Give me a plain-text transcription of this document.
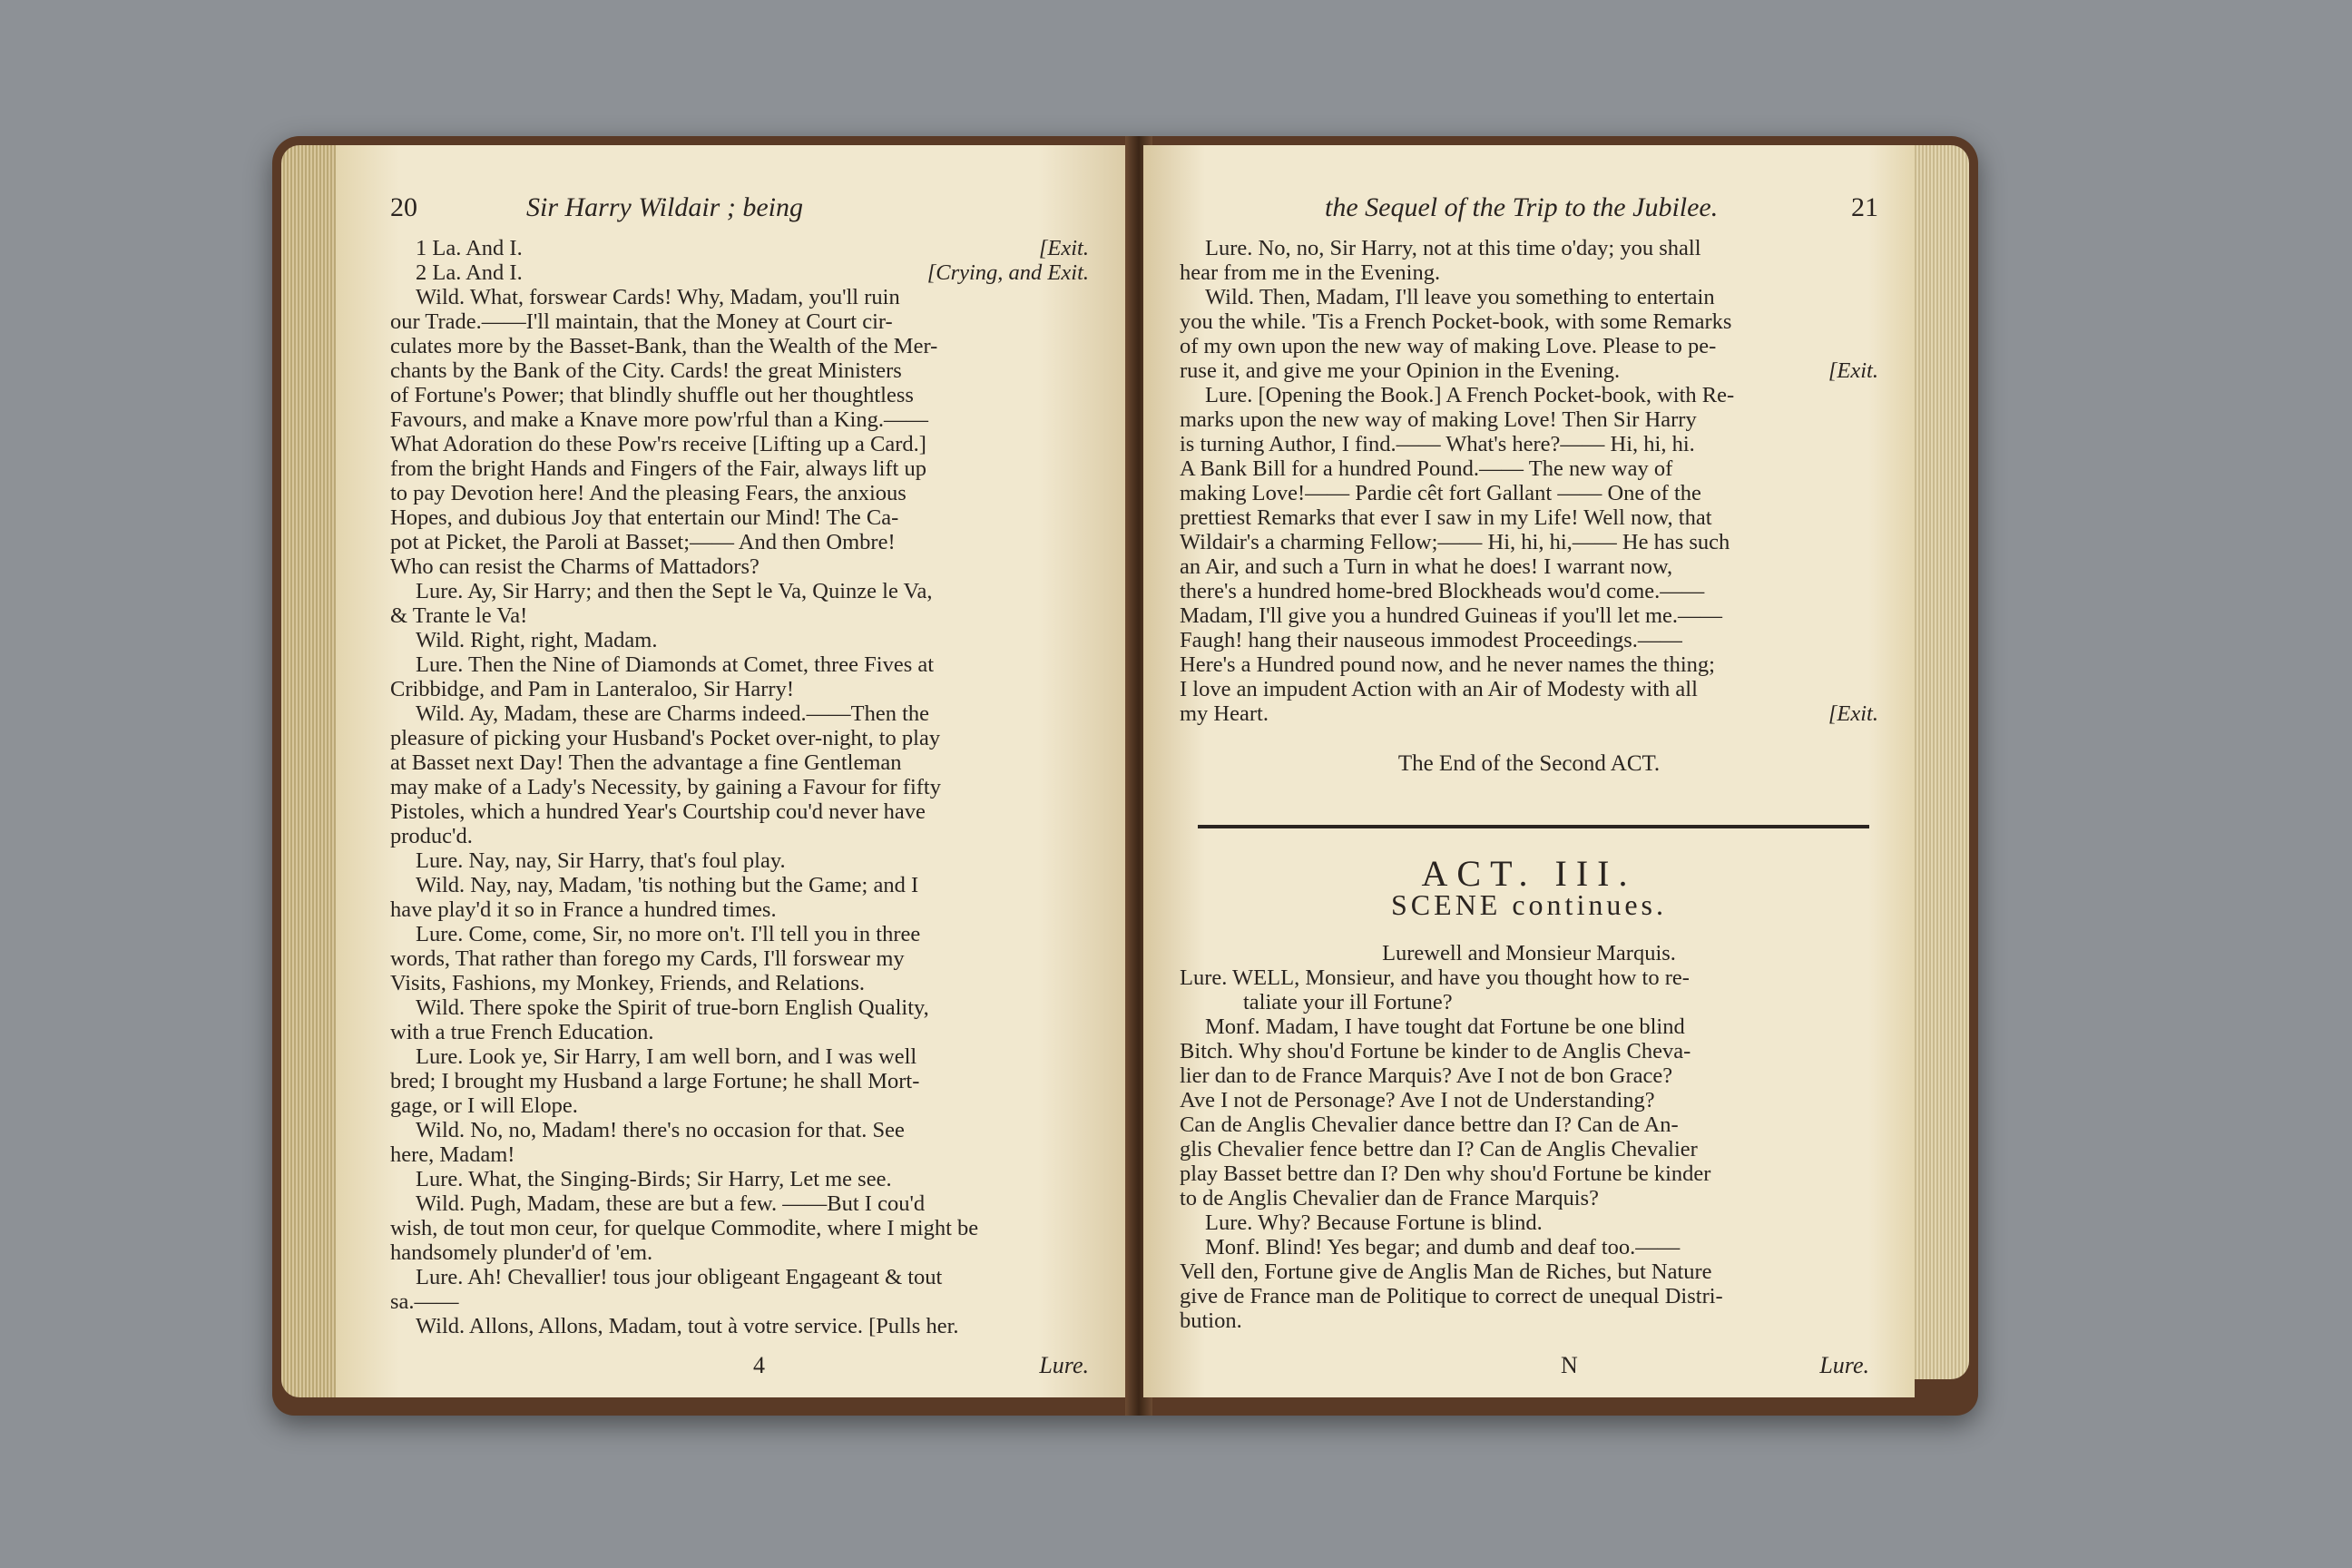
20	Sir Harry Wildair ; being
[Exit.
1 La. And I.
[Crying, and Exit.
2 La. And I.
Wild. What, forswear Cards! Why, Madam, you'll ruin
our Trade.——I'll maintain, that the Money at Court cir-
culates more by the Basset-Bank, than the Wealth of the Mer-
chants by the Bank of the City. Cards! the great Ministers
of Fortune's Power; that blindly shuffle out her thoughtless
Favours, and make a Knave more pow'rful than a King.——
What Adoration do these Pow'rs receive [Lifting up a Card.]
from the bright Hands and Fingers of the Fair, always lift up
to pay Devotion here! And the pleasing Fears, the anxious
Hopes, and dubious Joy that entertain our Mind! The Ca-
pot at Picket, the Paroli at Basset;—— And then Ombre!
Who can resist the Charms of Mattadors?
Lure. Ay, Sir Harry; and then the Sept le Va, Quinze le Va,
& Trante le Va!
Wild. Right, right, Madam.
Lure. Then the Nine of Diamonds at Comet, three Fives at
Cribbidge, and Pam in Lanteraloo, Sir Harry!
Wild. Ay, Madam, these are Charms indeed.——Then the
pleasure of picking your Husband's Pocket over-night, to play
at Basset next Day! Then the advantage a fine Gentleman
may make of a Lady's Necessity, by gaining a Favour for fifty
Pistoles, which a hundred Year's Courtship cou'd never have
produc'd.
Lure. Nay, nay, Sir Harry, that's foul play.
Wild. Nay, nay, Madam, 'tis nothing but the Game; and I
have play'd it so in France a hundred times.
Lure. Come, come, Sir, no more on't. I'll tell you in three
words, That rather than forego my Cards, I'll forswear my
Visits, Fashions, my Monkey, Friends, and Relations.
Wild. There spoke the Spirit of true-born English Quality,
with a true French Education.
Lure. Look ye, Sir Harry, I am well born, and I was well
bred; I brought my Husband a large Fortune; he shall Mort-
gage, or I will Elope.
Wild. No, no, Madam! there's no occasion for that. See
here, Madam!
Lure. What, the Singing-Birds; Sir Harry, Let me see.
Wild. Pugh, Madam, these are but a few. ——But I cou'd
wish, de tout mon ceur, for quelque Commodite, where I might be
handsomely plunder'd of 'em.
Lure. Ah! Chevallier! tous jour obligeant Engageant & tout
sa.——
Wild. Allons, Allons, Madam, tout à votre service. [Pulls her.
4	Lure.
the Sequel of the Trip to the Jubilee.	21
Lure. No, no, Sir Harry, not at this time o'day; you shall
hear from me in the Evening.
Wild. Then, Madam, I'll leave you something to entertain
you the while. 'Tis a French Pocket-book, with some Remarks
of my own upon the new way of making Love. Please to pe-
[Exit.
ruse it, and give me your Opinion in the Evening.
Lure. [Opening the Book.] A French Pocket-book, with Re-
marks upon the new way of making Love! Then Sir Harry
is turning Author, I find.—— What's here?—— Hi, hi, hi.
A Bank Bill for a hundred Pound.—— The new way of
making Love!—— Pardie cêt fort Gallant —— One of the
prettiest Remarks that ever I saw in my Life! Well now, that
Wildair's a charming Fellow;—— Hi, hi, hi,—— He has such
an Air, and such a Turn in what he does! I warrant now,
there's a hundred home-bred Blockheads wou'd come.——
Madam, I'll give you a hundred Guineas if you'll let me.——
Faugh! hang their nauseous immodest Proceedings.——
Here's a Hundred pound now, and he never names the thing;
I love an impudent Action with an Air of Modesty with all
[Exit.
my Heart.
The End of the Second ACT.
ACT. III.
SCENE continues.
Lurewell and Monsieur Marquis.
Lure. WELL, Monsieur, and have you thought how to re-
taliate your ill Fortune?
Monf. Madam, I have tought dat Fortune be one blind
Bitch. Why shou'd Fortune be kinder to de Anglis Cheva-
lier dan to de France Marquis? Ave I not de bon Grace?
Ave I not de Personage? Ave I not de Understanding?
Can de Anglis Chevalier dance bettre dan I? Can de An-
glis Chevalier fence bettre dan I? Can de Anglis Chevalier
play Basset bettre dan I? Den why shou'd Fortune be kinder
to de Anglis Chevalier dan de France Marquis?
Lure. Why? Because Fortune is blind.
Monf. Blind! Yes begar; and dumb and deaf too.——
Vell den, Fortune give de Anglis Man de Riches, but Nature
give de France man de Politique to correct de unequal Distri-
bution.
N	Lure.
